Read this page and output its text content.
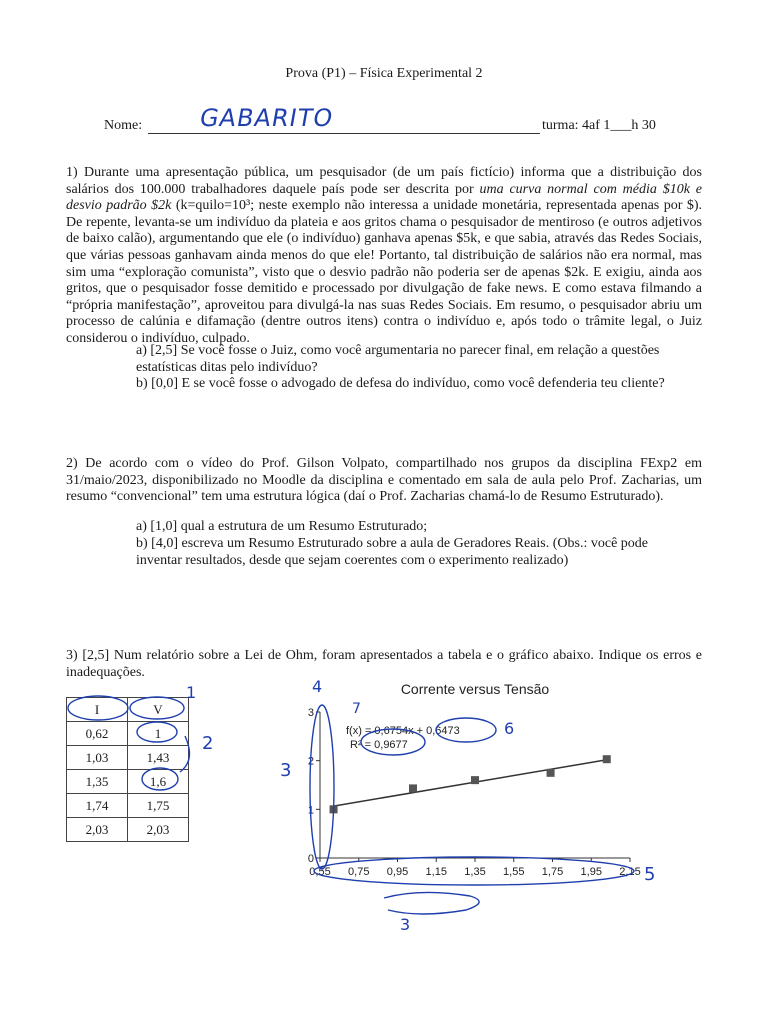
Prova (P1) – Física Experimental 2
Nome:	turma: 4af 1___h 30
GABARITO
1) Durante uma apresentação pública, um pesquisador (de um país fictício) informa que a distribuição dos salários dos 100.000 trabalhadores daquele país pode ser descrita por uma curva normal com média $10k e desvio padrão $2k (k=quilo=10³; neste exemplo não interessa a unidade monetária, representada apenas por $). De repente, levanta-se um indivíduo da plateia e aos gritos chama o pesquisador de mentiroso (e outros adjetivos de baixo calão), argumentando que ele (o indivíduo) ganhava apenas $5k, e que sabia, através das Redes Sociais, que várias pessoas ganhavam ainda menos do que ele! Portanto, tal distribuição de salários não era normal, mas sim uma “exploração comunista”, visto que o desvio padrão não poderia ser de apenas $2k. E exigiu, ainda aos gritos, que o pesquisador fosse demitido e processado por divulgação de fake news. E como estava filmando a “própria manifestação”, aproveitou para divulgá-la nas suas Redes Sociais. Em resumo, o pesquisador abriu um processo de calúnia e difamação (dentre outros itens) contra o indivíduo e, após todo o trâmite legal, o Juiz considerou o indivíduo, culpado.
a) [2,5] Se você fosse o Juiz, como você argumentaria no parecer final, em relação a questões estatísticas ditas pelo indivíduo?
b) [0,0] E se você fosse o advogado de defesa do indivíduo, como você defenderia teu cliente?
2) De acordo com o vídeo do Prof. Gilson Volpato, compartilhado nos grupos da disciplina FExp2 em 31/maio/2023, disponibilizado no Moodle da disciplina e comentado em sala de aula pelo Prof. Zacharias, um resumo “convencional” tem uma estrutura lógica (daí o Prof. Zacharias chamá-lo de Resumo Estruturado).
a) [1,0] qual a estrutura de um Resumo Estruturado;
b) [4,0] escreva um Resumo Estruturado sobre a aula de Geradores Reais. (Obs.: você pode inventar resultados, desde que sejam coerentes com o experimento realizado)
3) [2,5] Num relatório sobre a Lei de Ohm, foram apresentados a tabela e o gráfico abaixo. Indique os erros e inadequações.
I	V
0,62	1
1,03	1,43
1,35	1,6
1,74	1,75
2,03	2,03
Corrente versus Tensão
0,55 0,75 0,95 1,15 1,35 1,55 1,75 1,95 2,15
0
1
2
3
f(x) = 0,6754x + 0,6473
R² = 0,9677
1
2
3
4
5
6
7
3
